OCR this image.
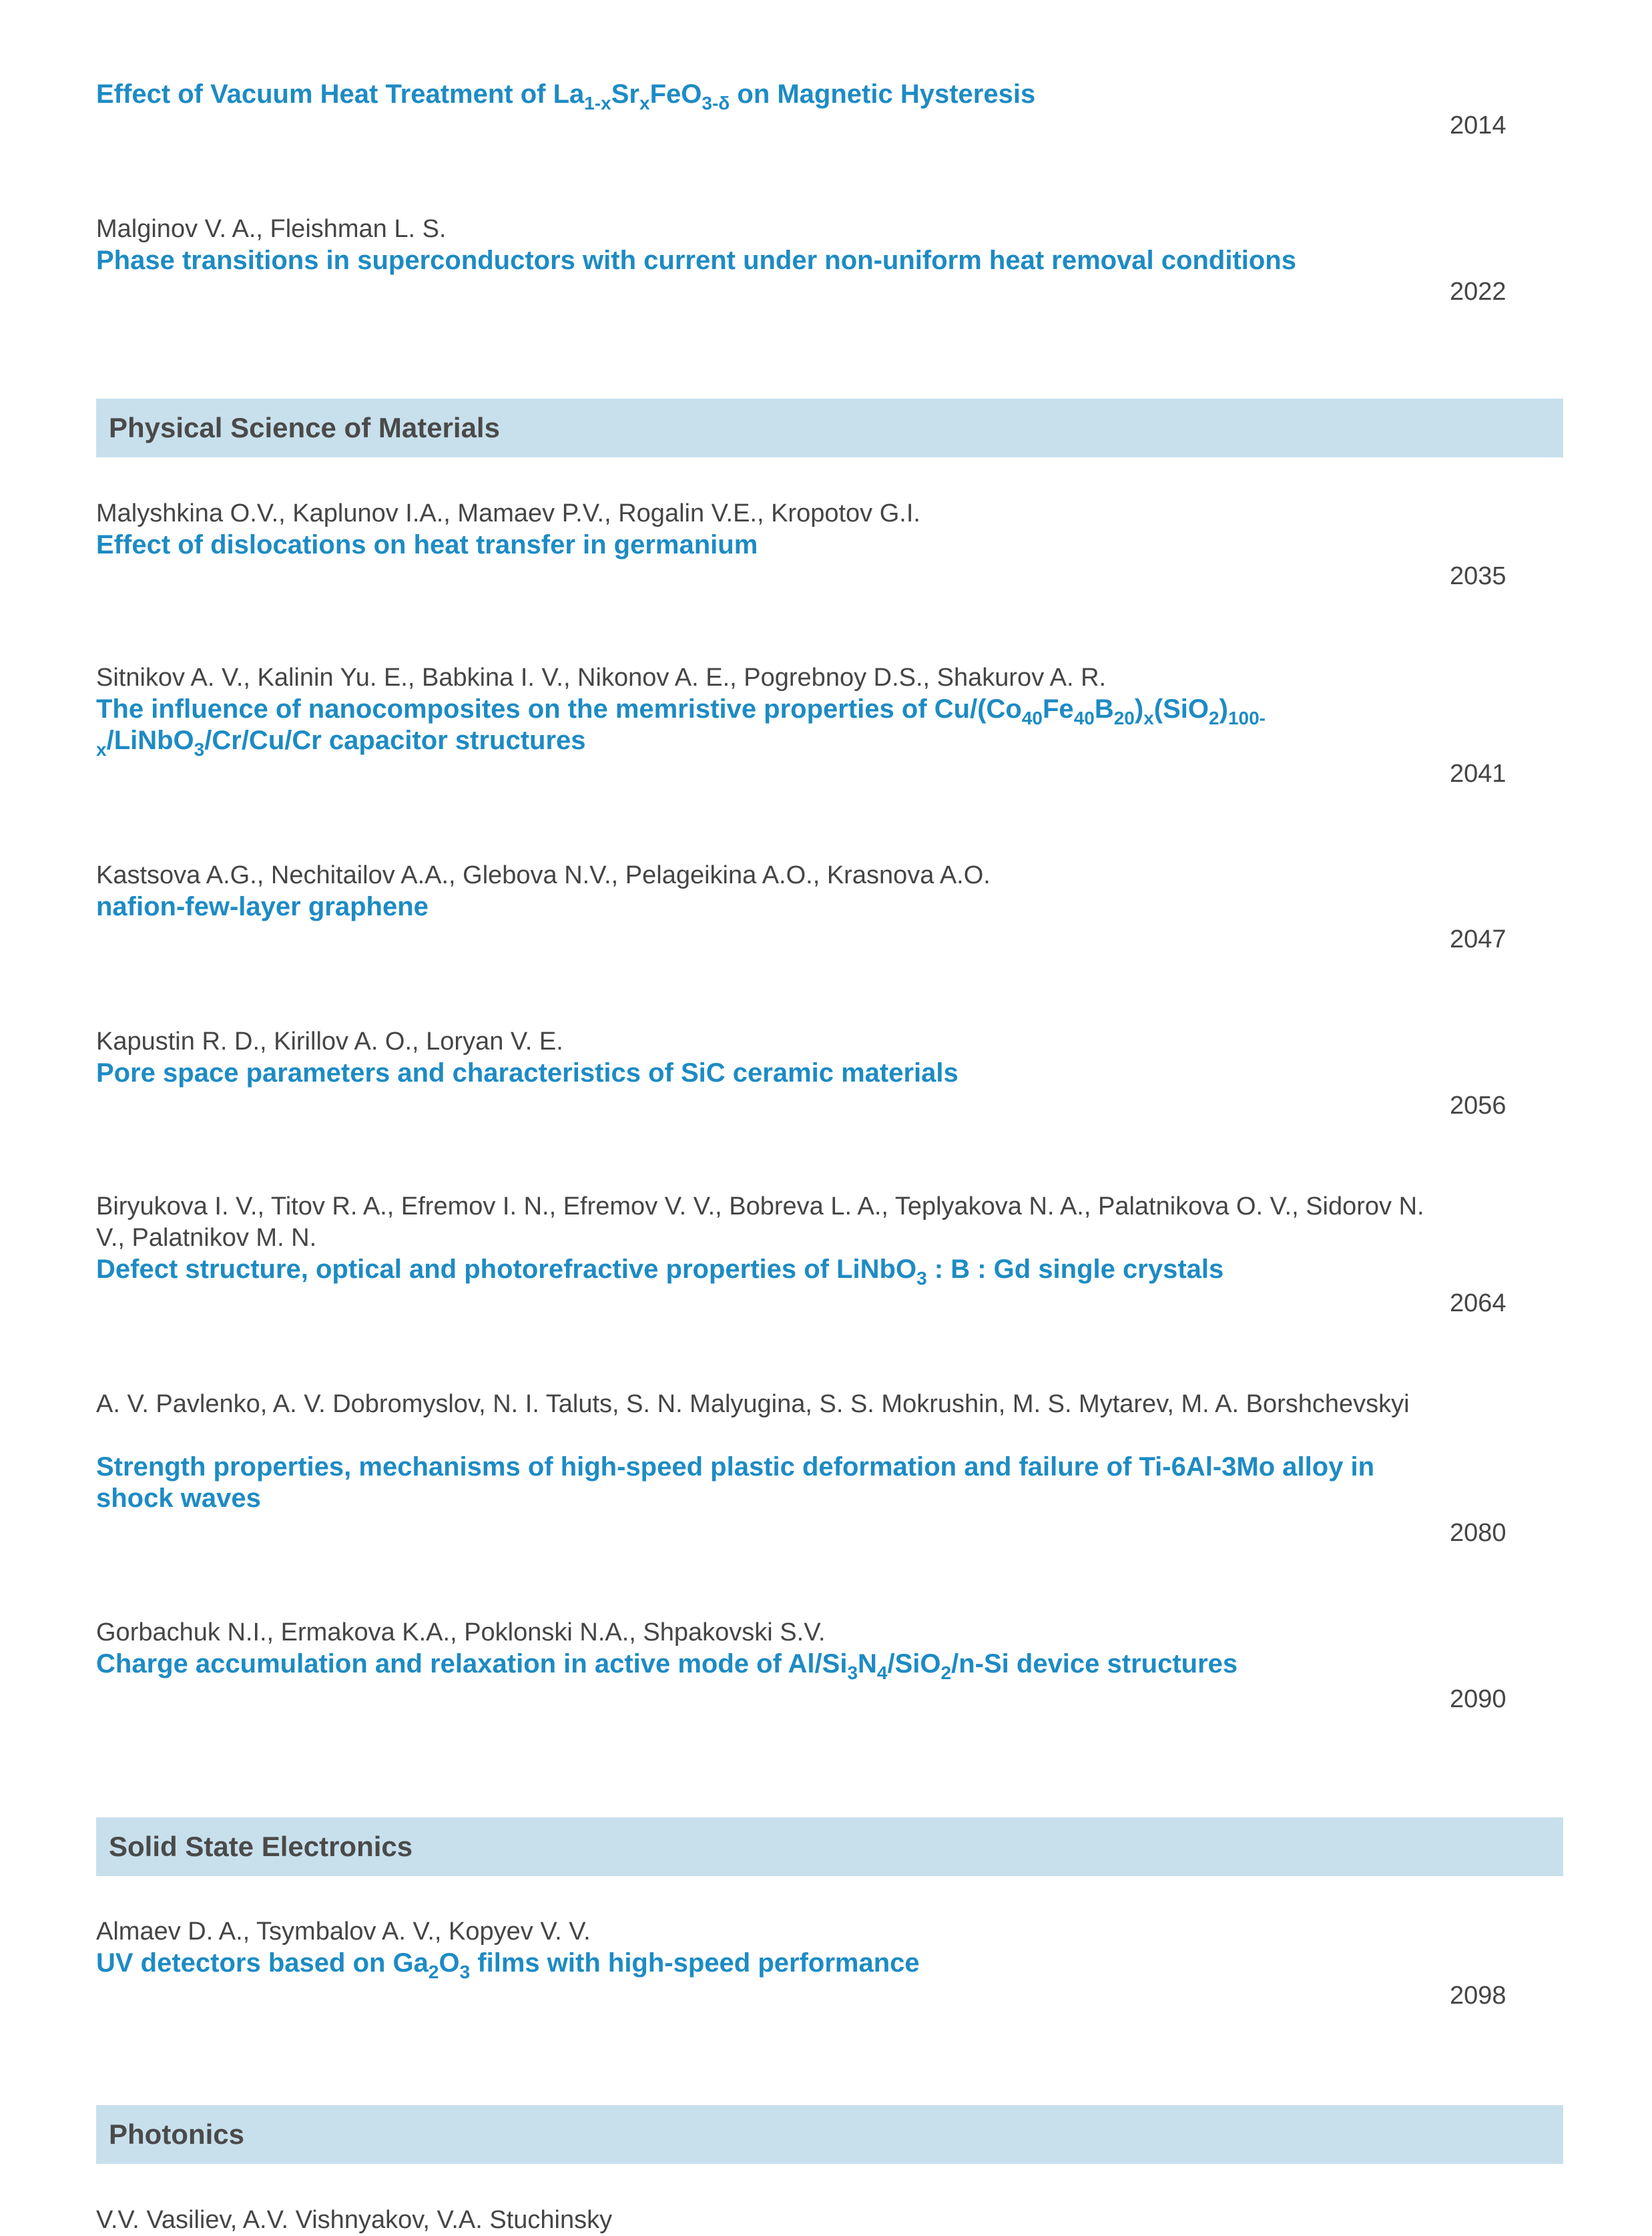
Effect of Vacuum Heat Treatment of $La_{1-x}Sr_xFeO_{3-\delta}$ on Magnetic Hysteresis
2014
Malginov V. A., Fleishman L. S.
Phase transitions in superconductors with current under non-uniform heat removal conditions
2022
Physical Science of Materials
Malyshkina O.V., Kaplunov I.A., Mamaev P.V., Rogalin V.E., Kropotov G.I.
Effect of dislocations on heat transfer in germanium
2035
Sitnikov A. V., Kalinin Yu. E., Babkina I. V., Nikonov A. E., Pogrebnoy D.S., Shakurov A. R.
The influence of nanocomposites on the memristive properties of $Cu/(Co_{40}Fe_{40}B_{20})_x(SiO_2)_{100-}$
$_x$/LiNbO$_3$/Cr/Cu/Cr capacitor structures
2041
Kastsova A.G., Nechitailov A.A., Glebova N.V., Pelageikina A.O., Krasnova A.O.
nafion-few-layer graphene
2047
Kapustin R. D., Kirillov A. O., Loryan V. E.
Pore space parameters and characteristics of SiC ceramic materials
2056
Biryukova I. V., Titov R. A., Efremov I. N., Efremov V. V., Bobreva L. A., Teplyakova N. A., Palatnikova O. V., Sidorov N. V., Palatnikov M. N.
Defect structure, optical and photorefractive properties of LiNbO$_3$ : B : Gd single crystals
2064
A. V. Pavlenko, A. V. Dobromyslov, N. I. Taluts, S. N. Malyugina, S. S. Mokrushin, M. S. Mytarev, M. A. Borshchevskyi
Strength properties, mechanisms of high-speed plastic deformation and failure of Ti-6Al-3Mo alloy in shock waves
2080
Gorbachuk N.I., Ermakova K.A., Poklonski N.A., Shpakovski S.V.
Charge accumulation and relaxation in active mode of $Al/Si_3N_4/SiO_2/n-Si$ device structures
2090
Solid State Electronics
Almaev D. A., Tsymbalov A. V., Kopyev V. V.
UV detectors based on $Ga_2O_3$ films with high-speed performance
2098
Photonics
V.V. Vasiliev, A.V. Vishnyakov, V.A. Stuchinsky
